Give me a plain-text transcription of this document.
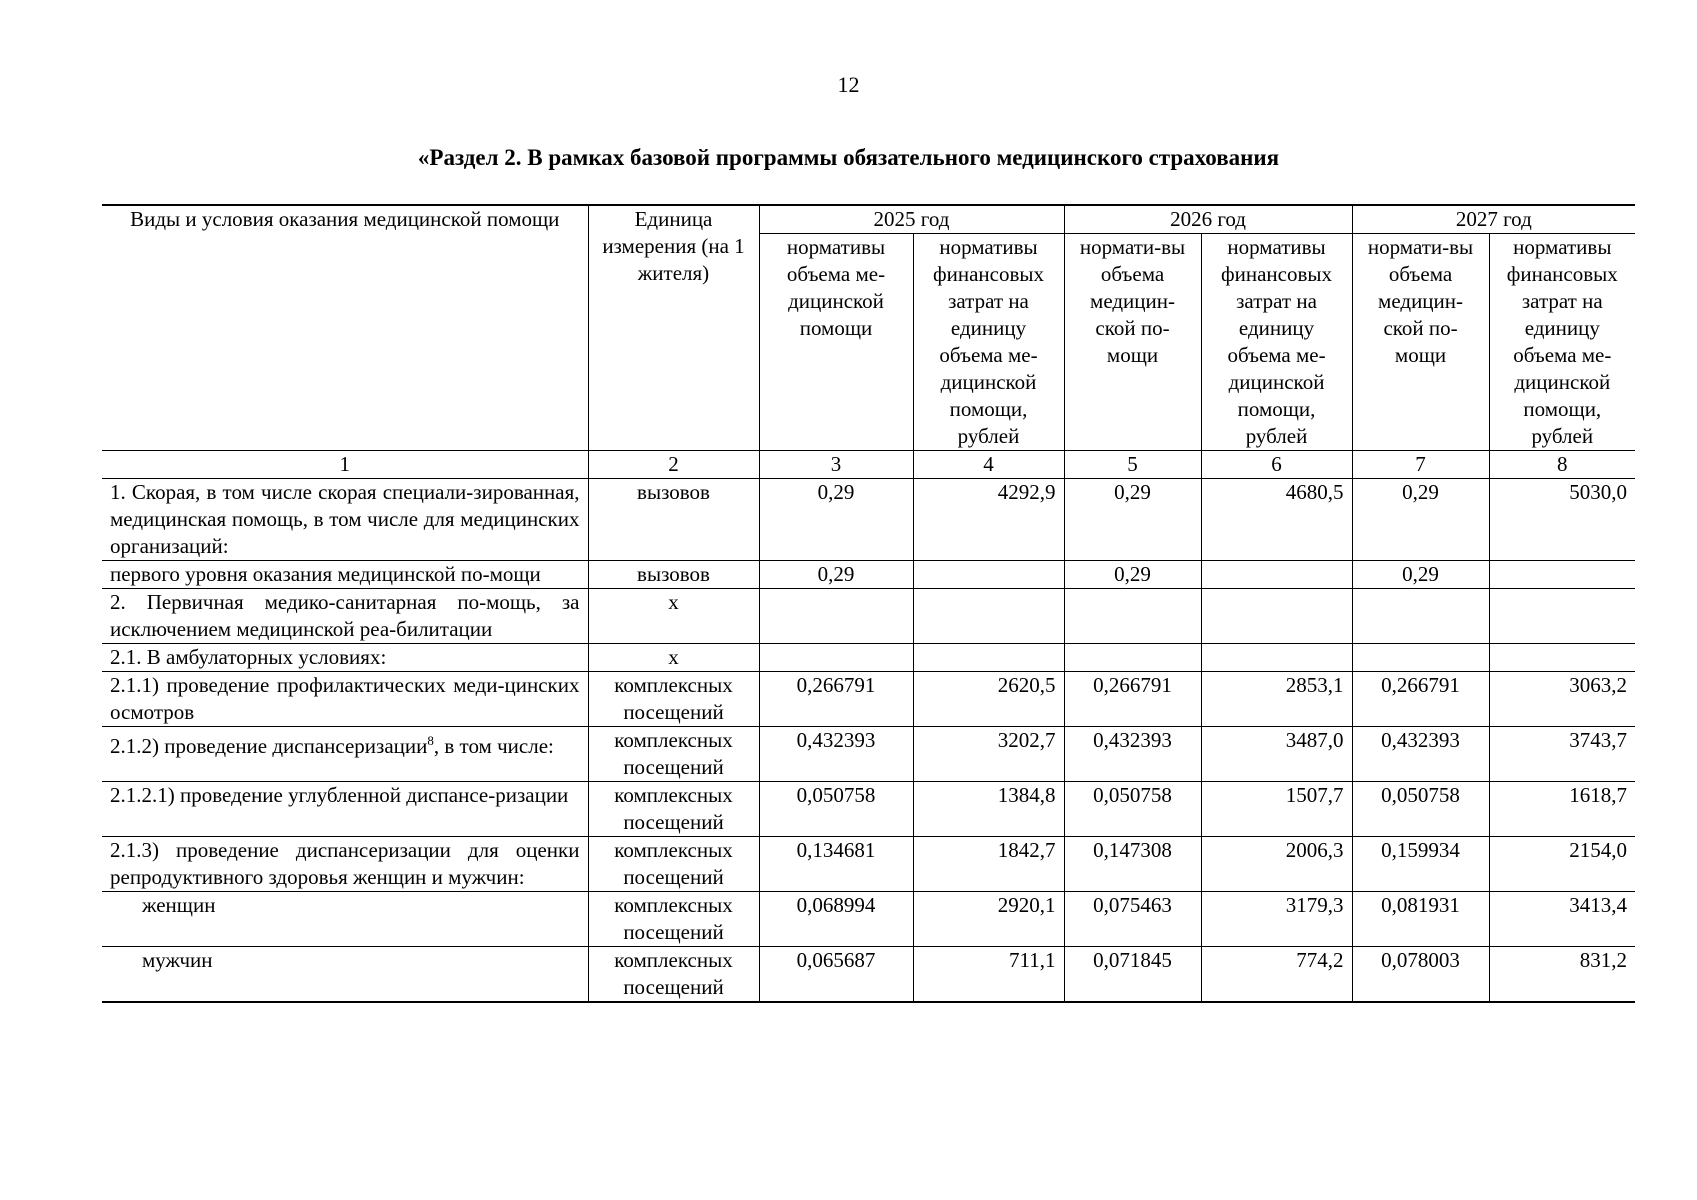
12
«Раздел 2. В рамках базовой программы обязательного медицинского страхования
Виды и условия оказания медицинской помощи	Единица измерения (на 1 жителя)	2025 год		2026 год		2027 год	
		нормативы объема ме-дицинской помощи	нормативы финансовых затрат на единицу объема ме-дицинской помощи, рублей	нормати-вы объема медицин-ской по-мощи	нормативы финансовых затрат на единицу объема ме-дицинской помощи, рублей	нормати-вы объема медицин-ской по-мощи	нормативы финансовых затрат на единицу объема ме-дицинской помощи, рублей
1	2	3	4	5	6	7	8
1. Скорая, в том числе скорая специали-зированная, медицинская помощь, в том числе для медицинских организаций:	вызовов	0,29	4292,9	0,29	4680,5	0,29	5030,0
первого уровня оказания медицинской по-мощи	вызовов	0,29		0,29		0,29	
2. Первичная медико-санитарная по-мощь, за исключением медицинской реа-билитации	х						
2.1. В амбулаторных условиях:	х						
2.1.1) проведение профилактических меди-цинских осмотров	комплексных посещений	0,266791	2620,5	0,266791	2853,1	0,266791	3063,2
2.1.2) проведение диспансеризации$^8$, в том числе:	комплексных посещений	0,432393	3202,7	0,432393	3487,0	0,432393	3743,7
2.1.2.1) проведение углубленной диспансе-ризации	комплексных посещений	0,050758	1384,8	0,050758	1507,7	0,050758	1618,7
2.1.3) проведение диспансеризации для оценки репродуктивного здоровья женщин и мужчин:	комплексных посещений	0,134681	1842,7	0,147308	2006,3	0,159934	2154,0
женщин	комплексных посещений	0,068994	2920,1	0,075463	3179,3	0,081931	3413,4
мужчин	комплексных посещений	0,065687	711,1	0,071845	774,2	0,078003	831,2
